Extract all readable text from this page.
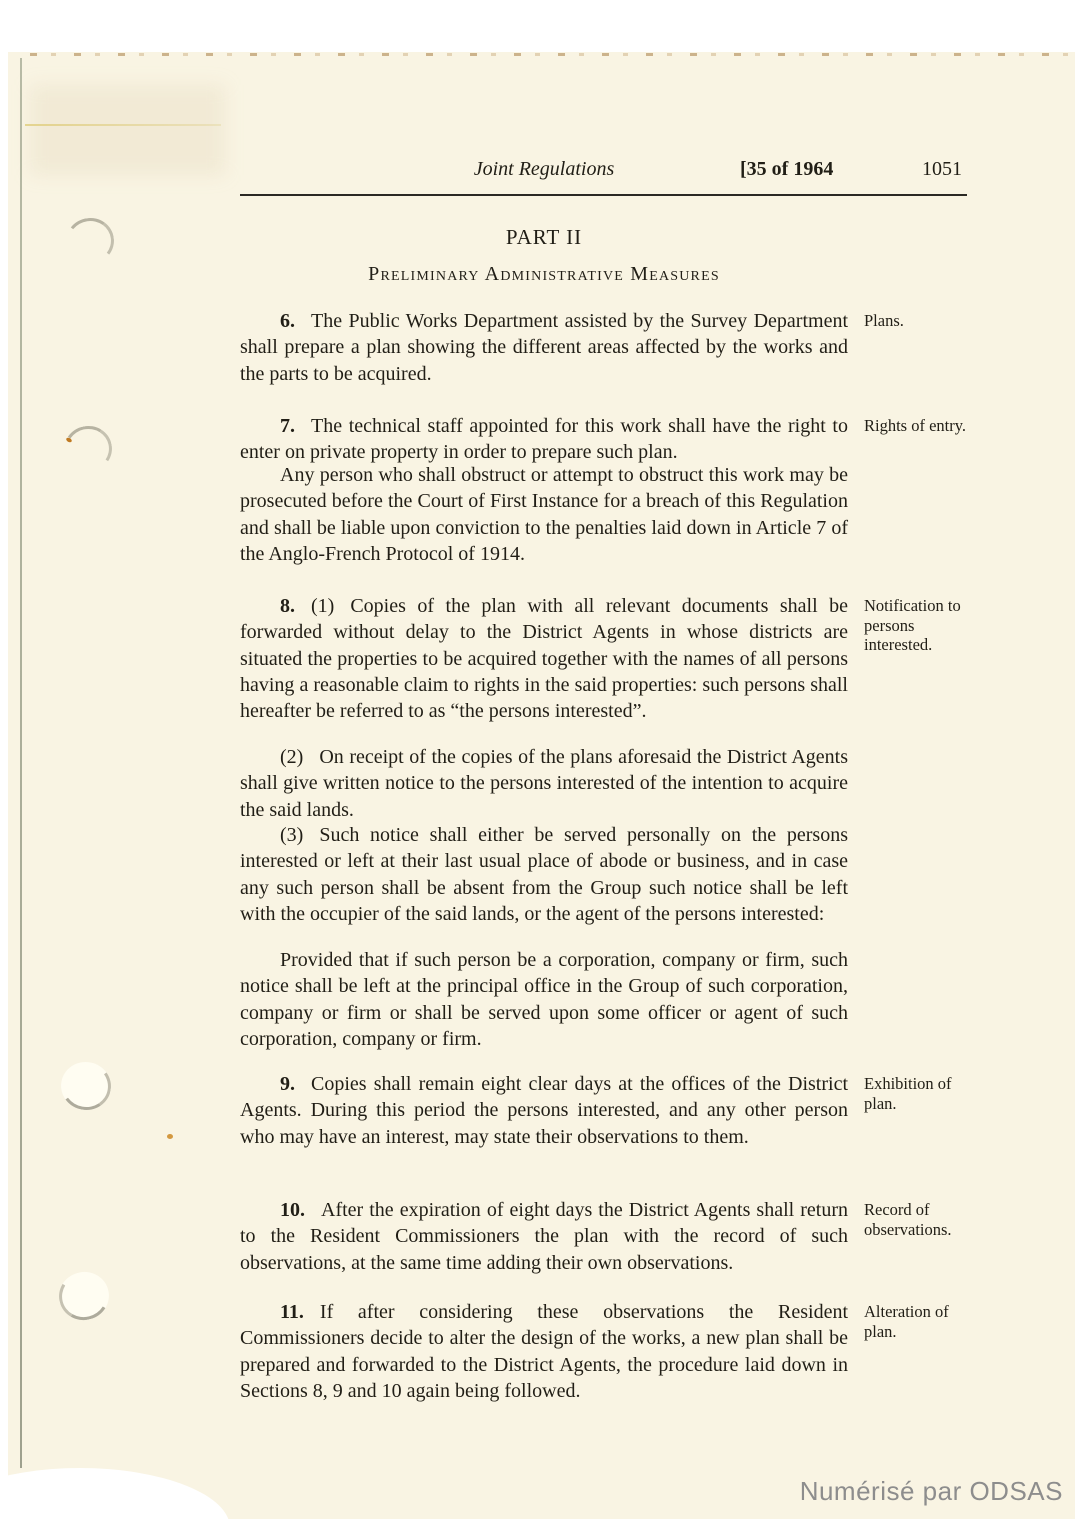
Joint Regulations	[35 of 1964	1051
PART II
Preliminary Administrative Measures
6. The Public Works Department assisted by the Survey Department shall prepare a plan showing the different areas affected by the works and the parts to be acquired.
Plans.
7. The technical staff appointed for this work shall have the right to enter on private property in order to prepare such plan.
Any person who shall obstruct or attempt to obstruct this work may be prosecuted before the Court of First Instance for a breach of this Regulation and shall be liable upon conviction to the penalties laid down in Article 7 of the Anglo-French Protocol of 1914.
Rights of entry.
8. (1) Copies of the plan with all relevant documents shall be forwarded without delay to the District Agents in whose districts are situated the properties to be acquired together with the names of all persons having a reasonable claim to rights in the said properties: such persons shall hereafter be referred to as “the persons interested”.
(2) On receipt of the copies of the plans aforesaid the District Agents shall give written notice to the persons interested of the intention to acquire the said lands.
(3) Such notice shall either be served personally on the persons interested or left at their last usual place of abode or business, and in case any such person shall be absent from the Group such notice shall be left with the occupier of the said lands, or the agent of the persons interested:
Provided that if such person be a corporation, company or firm, such notice shall be left at the principal office in the Group of such corporation, company or firm or shall be served upon some officer or agent of such corporation, company or firm.
Notification to persons interested.
9. Copies shall remain eight clear days at the offices of the District Agents. During this period the persons interested, and any other person who may have an interest, may state their observations to them.
Exhibition of plan.
10. After the expiration of eight days the District Agents shall return to the Resident Commissioners the plan with the record of such observations, at the same time adding their own observations.
Record of observations.
11. If after considering these observations the Resident Commissioners decide to alter the design of the works, a new plan shall be prepared and forwarded to the District Agents, the procedure laid down in Sections 8, 9 and 10 again being followed.
Alteration of plan.
Numérisé par ODSAS
